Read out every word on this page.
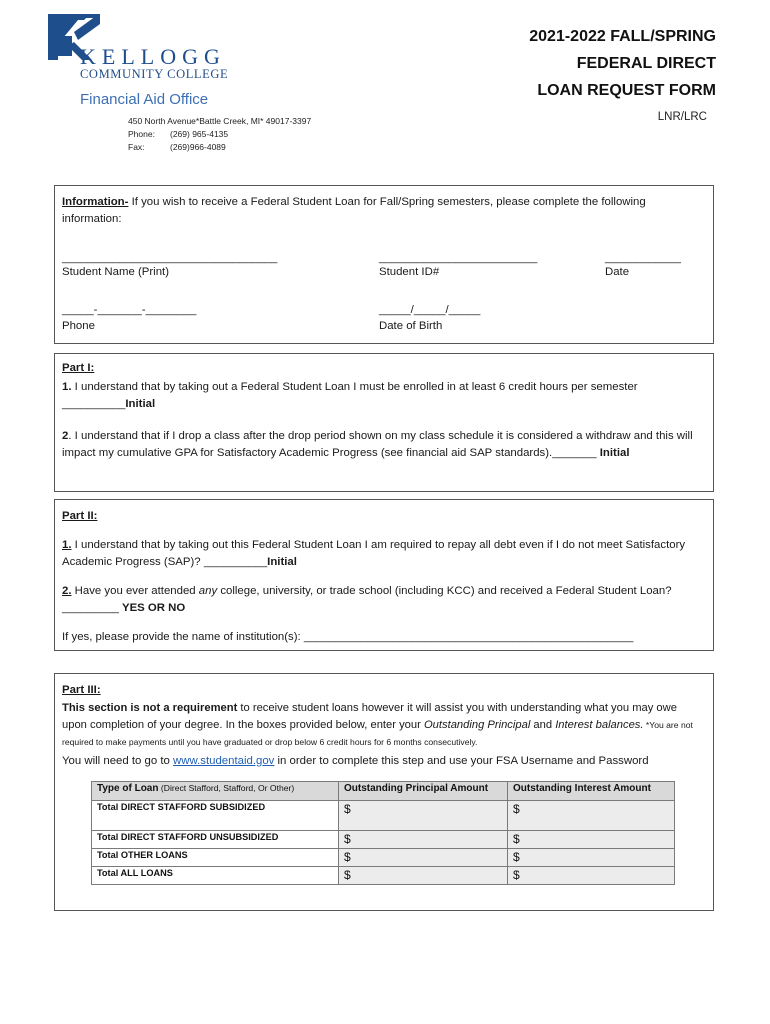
KELLOGG
COMMUNITY COLLEGE
Financial Aid Office
450 North Avenue*Battle Creek, MI* 49017-3397
Phone: (269) 965-4135
Fax:	(269)966-4089
2021-2022 FALL/SPRING
FEDERAL DIRECT
LOAN REQUEST FORM
LNR/LRC
Information- If you wish to receive a Federal Student Loan for Fall/Spring semesters, please complete the following information:
__________________________________
Student Name (Print)
_________________________
Student ID#
____________
Date
_____-_______-________
Phone
_____/_____/_____
Date of Birth
Part I:
1. I understand that by taking out a Federal Student Loan I must be enrolled in at least 6 credit hours per semester __________Initial
2. I understand that if I drop a class after the drop period shown on my class schedule it is considered a withdraw and this will impact my cumulative GPA for Satisfactory Academic Progress (see financial aid SAP standards)._______ Initial
Part II:
1. I understand that by taking out this Federal Student Loan I am required to repay all debt even if I do not meet Satisfactory Academic Progress (SAP)? __________Initial
2. Have you ever attended any college, university, or trade school (including KCC) and received a Federal Student Loan?_________ YES OR NO
If yes, please provide the name of institution(s): ____________________________________________________
Part III:
This section is not a requirement to receive student loans however it will assist you with understanding what you may owe upon completion of your degree. In the boxes provided below, enter your Outstanding Principal and Interest balances. *You are not required to make payments until you have graduated or drop below 6 credit hours for 6 months consecutively.
You will need to go to www.studentaid.gov in order to complete this step and use your FSA Username and Password
Type of Loan (Direct Stafford, Stafford, Or Other)	Outstanding Principal Amount	Outstanding Interest Amount
Total DIRECT STAFFORD SUBSIDIZED	$	$
Total DIRECT STAFFORD UNSUBSIDIZED	$	$
Total OTHER LOANS	$	$
Total ALL LOANS	$	$
